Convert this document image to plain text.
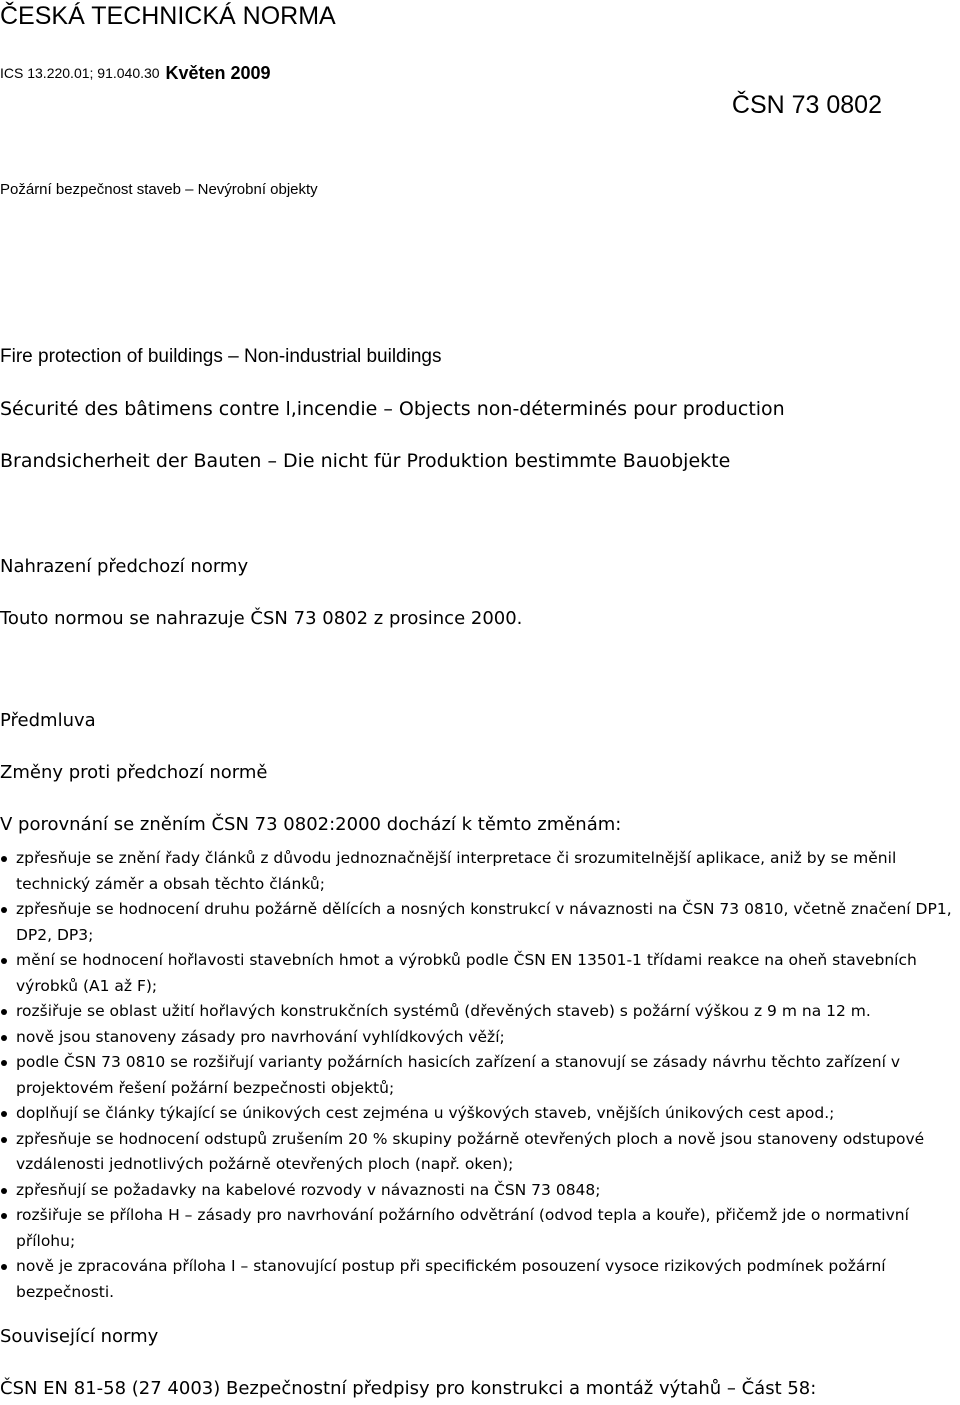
ČESKÁ TECHNICKÁ NORMA
ICS 13.220.01; 91.040.30 Květen 2009
ČSN 73 0802
Požární bezpečnost staveb – Nevýrobní objekty
Fire protection of buildings – Non-industrial buildings
Sécurité des bâtimens contre l,incendie – Objects non-déterminés pour production
Brandsicherheit der Bauten – Die nicht für Produktion bestimmte Bauobjekte
Nahrazení předchozí normy
Touto normou se nahrazuje ČSN 73 0802 z prosince 2000.
Předmluva
Změny proti předchozí normě
V porovnání se zněním ČSN 73 0802:2000 dochází k těmto změnám:
zpřesňuje se znění řady článků z důvodu jednoznačnější interpretace či srozumitelnější aplikace, aniž by se měnil technický záměr a obsah těchto článků;
zpřesňuje se hodnocení druhu požárně dělících a nosných konstrukcí v návaznosti na ČSN 73 0810, včetně značení DP1, DP2, DP3;
mění se hodnocení hořlavosti stavebních hmot a výrobků podle ČSN EN 13501-1 třídami reakce na oheň stavebních výrobků (A1 až F);
rozšiřuje se oblast užití hořlavých konstrukčních systémů (dřevěných staveb) s požární výškou z 9 m na 12 m.
nově jsou stanoveny zásady pro navrhování vyhlídkových věží;
podle ČSN 73 0810 se rozšiřují varianty požárních hasicích zařízení a stanovují se zásady návrhu těchto zařízení v projektovém řešení požární bezpečnosti objektů;
doplňují se články týkající se únikových cest zejména u výškových staveb, vnějších únikových cest apod.;
zpřesňuje se hodnocení odstupů zrušením 20 % skupiny požárně otevřených ploch a nově jsou stanoveny odstupové vzdálenosti jednotlivých požárně otevřených ploch (např. oken);
zpřesňují se požadavky na kabelové rozvody v návaznosti na ČSN 73 0848;
rozšiřuje se příloha H – zásady pro navrhování požárního odvětrání (odvod tepla a kouře), přičemž jde o normativní přílohu;
nově je zpracována příloha I – stanovující postup při specifickém posouzení vysoce rizikových podmínek požární bezpečnosti.
Související normy
ČSN EN 81-58 (27 4003) Bezpečnostní předpisy pro konstrukci a montáž výtahů – Část 58:
